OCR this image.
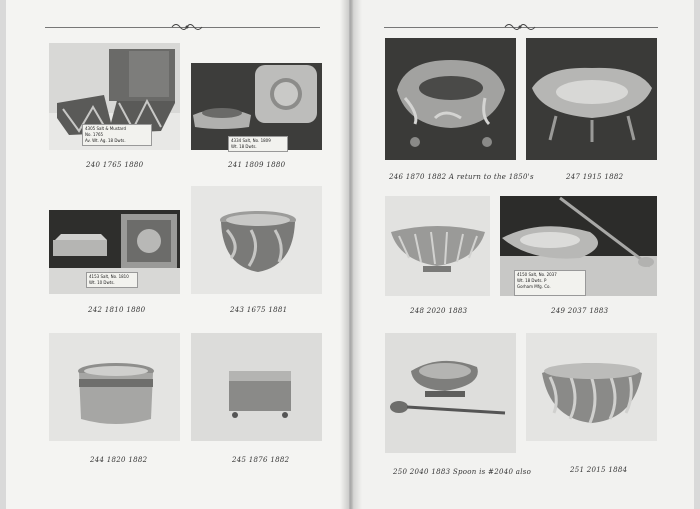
4305 Salt & Mustard
No. 1765
Av. Wt. Ag. 18 Dwts.
240 1765 1880
4334 Salt, No. 1809
Wt. 18 Dwts.
241 1809 1880
4153 Salt, No. 1810
Wt. 10 Dwts.
242 1810 1880	243 1675 1881
244 1820 1882	245 1876 1882
246 1870 1882 A return to the 1850's	247 1915 1882
248 2020 1883
4150 Salt, No. 2037
Wt. 18 Dwts. P
Gorham Mfg. Co.
249 2037 1883
250 2040 1883 Spoon is #2040 also	251 2015 1884
